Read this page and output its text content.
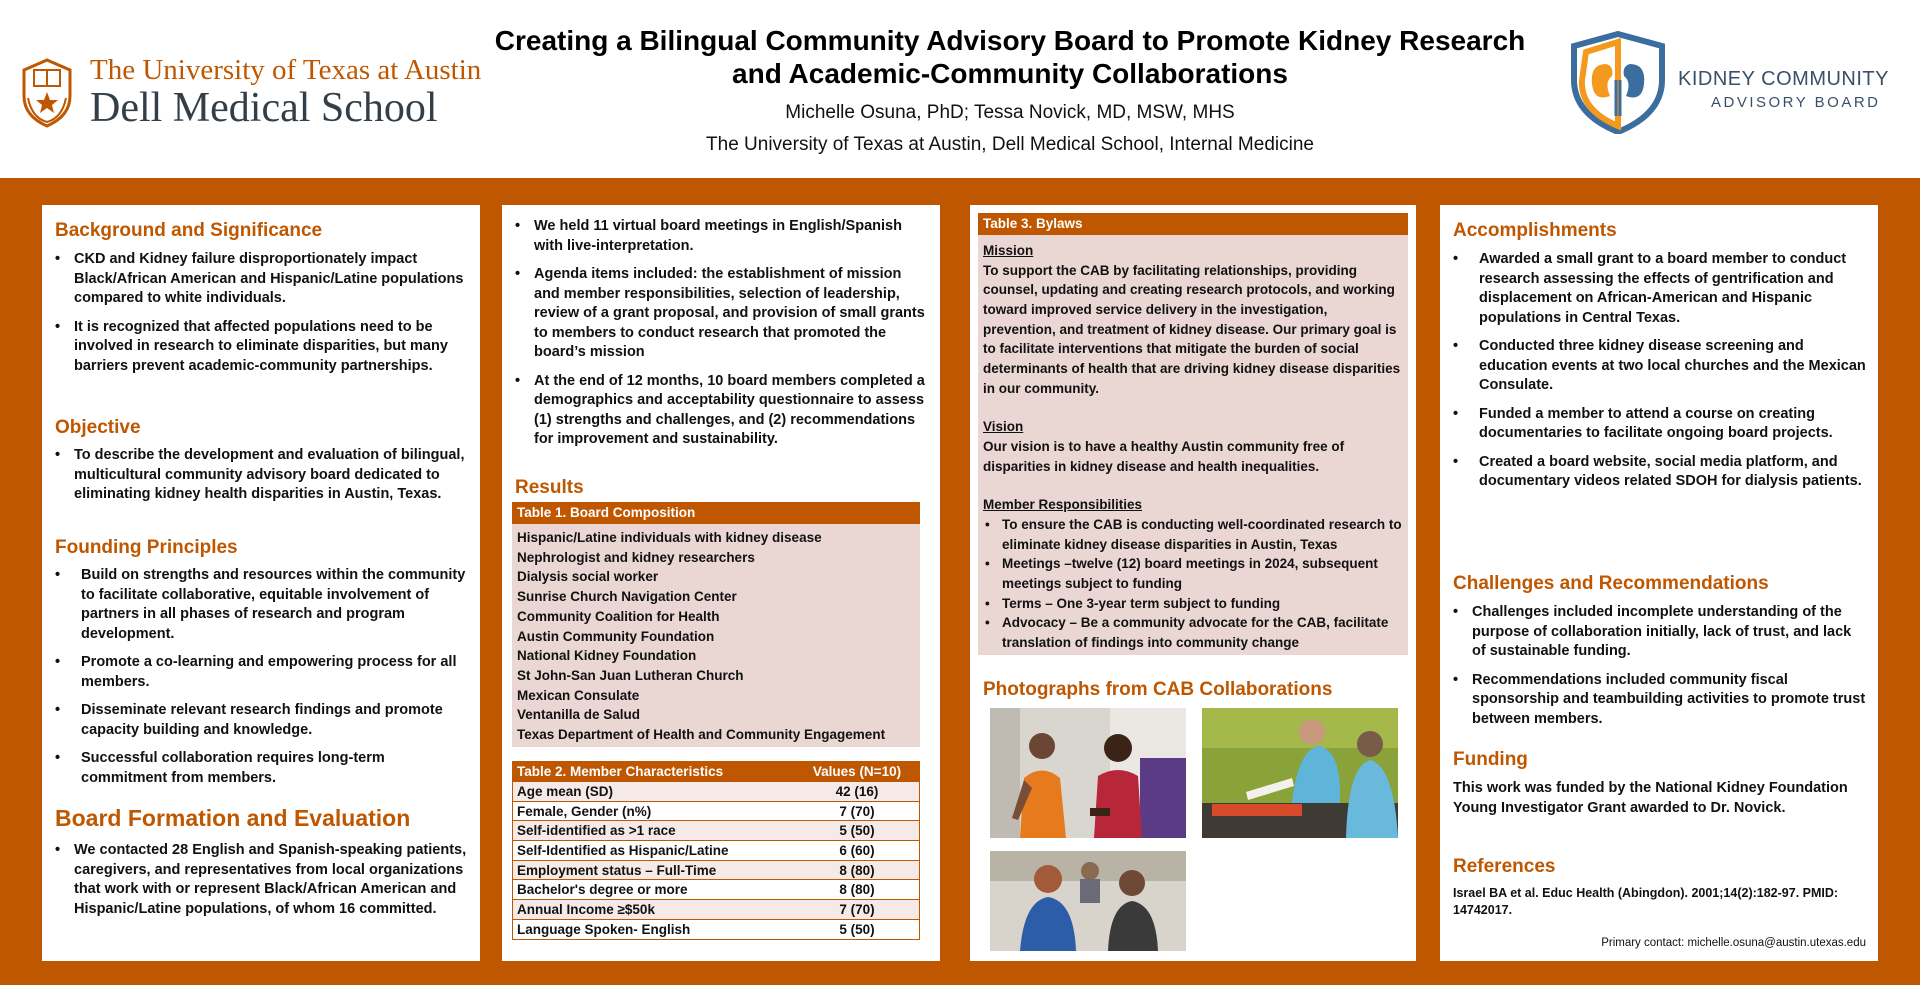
The University of Texas at Austin
Dell Medical School
Creating a Bilingual Community Advisory Board to Promote Kidney Research and Academic-Community Collaborations
Michelle Osuna, PhD; Tessa Novick, MD, MSW, MHS
The University of Texas at Austin, Dell Medical School, Internal Medicine
KIDNEY COMMUNITY
ADVISORY BOARD
Background and Significance
• CKD and Kidney failure disproportionately impact Black/African American and Hispanic/Latine populations compared to white individuals.
• It is recognized that affected populations need to be involved in research to eliminate disparities, but many barriers prevent academic-community partnerships.
Objective
• To describe the development and evaluation of bilingual, multicultural community advisory board dedicated to eliminating kidney health disparities in Austin, Texas.
Founding Principles
• Build on strengths and resources within the community to facilitate collaborative, equitable involvement of partners in all phases of research and program development.
• Promote a co-learning and empowering process for all members.
• Disseminate relevant research findings and promote capacity building and knowledge.
• Successful collaboration requires long-term commitment from members.
Board Formation and Evaluation
• We contacted 28 English and Spanish-speaking patients, caregivers, and representatives from local organizations that work with or represent Black/African American and Hispanic/Latine populations, of whom 16 committed.
• We held 11 virtual board meetings in English/Spanish with live-interpretation.
• Agenda items included: the establishment of mission and member responsibilities, selection of leadership, review of a grant proposal, and provision of small grants to members to conduct research that promoted the board’s mission
• At the end of 12 months, 10 board members completed a demographics and acceptability questionnaire to assess (1) strengths and challenges, and (2) recommendations for improvement and sustainability.
Results
Table 1. Board Composition
Hispanic/Latine individuals with kidney disease
Nephrologist and kidney researchers
Dialysis social worker
Sunrise Church Navigation Center
Community Coalition for Health
Austin Community Foundation
National Kidney Foundation
St John-San Juan Lutheran Church
Mexican Consulate
Ventanilla de Salud
Texas Department of Health and Community Engagement
Table 2. Member Characteristics	Values (N=10)
Age mean (SD)	42 (16)
Female, Gender (n%)	7 (70)
Self-identified as >1 race	5 (50)
Self-Identified as Hispanic/Latine	6 (60)
Employment status – Full-Time	8 (80)
Bachelor's degree or more	8 (80)
Annual Income ≥$50k	7 (70)
Language Spoken- English	5 (50)
Table 3. Bylaws
Mission
To support the CAB by facilitating relationships, providing counsel, updating and creating research protocols, and working toward improved service delivery in the investigation, prevention, and treatment of kidney disease. Our primary goal is to facilitate interventions that mitigate the burden of social determinants of health that are driving kidney disease disparities in our community.
Vision
Our vision is to have a healthy Austin community free of disparities in kidney disease and health inequalities.
Member Responsibilities
• To ensure the CAB is conducting well-coordinated research to eliminate kidney disease disparities in Austin, Texas
• Meetings –twelve (12) board meetings in 2024, subsequent meetings subject to funding
• Terms – One 3-year term subject to funding
• Advocacy – Be a community advocate for the CAB, facilitate translation of findings into community change
Photographs from CAB Collaborations
Accomplishments
• Awarded a small grant to a board member to conduct research assessing the effects of gentrification and displacement on African-American and Hispanic populations in Central Texas.
• Conducted three kidney disease screening and education events at two local churches and the Mexican Consulate.
• Funded a member to attend a course on creating documentaries to facilitate ongoing board projects.
• Created a board website, social media platform, and documentary videos related SDOH for dialysis patients.
Challenges and Recommendations
• Challenges included incomplete understanding of the purpose of collaboration initially, lack of trust, and lack of sustainable funding.
• Recommendations included community fiscal sponsorship and teambuilding activities to promote trust between members.
Funding

This work was funded by the National Kidney Foundation Young Investigator Grant awarded to Dr. Novick.

References

Israel BA et al. Educ Health (Abingdon). 2001;14(2):182-97. PMID: 14742017.

Primary contact: michelle.osuna@austin.utexas.edu
